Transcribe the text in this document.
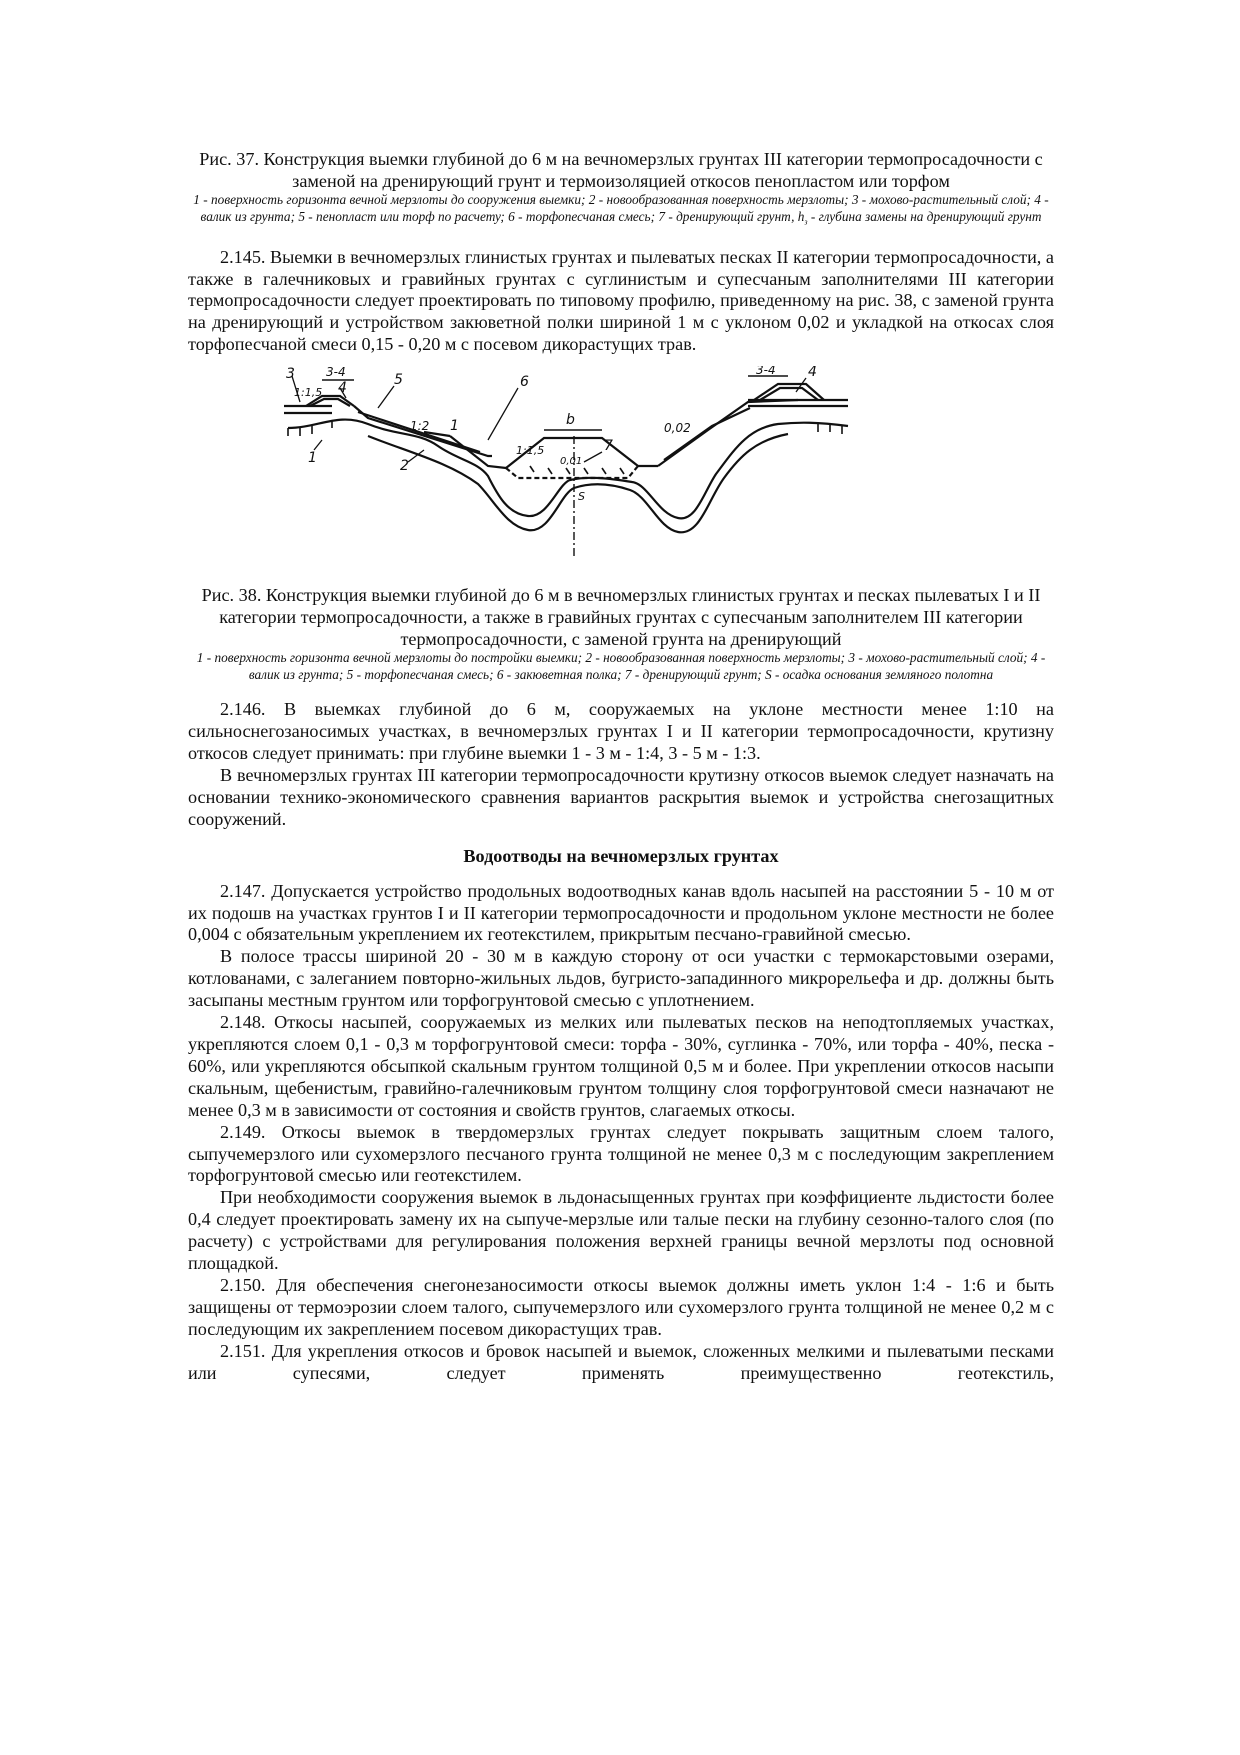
Рис. 37. Конструкция выемки глубиной до 6 м на вечномерзлых грунтах III категории термопросадочности с заменой на дренирующий грунт и термоизоляцией откосов пенопластом или торфом

1 - поверхность горизонта вечной мерзлоты до сооружения выемки; 2 - новообразованная поверхность мерзлоты; 3 - мохово-растительный слой; 4 - валик из грунта; 5 - пенопласт или торф по расчету; 6 - торфопесчаная смесь; 7 - дренирующий грунт, $h_з$ - глубина замены на дренирующий грунт

2.145. Выемки в вечномерзлых глинистых грунтах и пылеватых песках II категории термопросадочности, а также в галечниковых и гравийных грунтах с суглинистым и супесчаным заполнителями III категории термопросадочности следует проектировать по типовому профилю, приведенному на рис. 38, с заменой грунта на дренирующий и устройством закюветной полки шириной 1 м с уклоном 0,02 и укладкой на откосах слоя торфопесчаной смеси 0,15 - 0,20 м с посевом дикорастущих трав.

3
1:1,5
3-4
4	5	6
1:2 1	b
1:1,5	7
0,01
0,02
3-4 4
1	2
S

Рис. 38. Конструкция выемки глубиной до 6 м в вечномерзлых глинистых грунтах и песках пылеватых I и II категории термопросадочности, а также в гравийных грунтах с супесчаным заполнителем III категории термопросадочности, с заменой грунта на дренирующий

1 - поверхность горизонта вечной мерзлоты до постройки выемки; 2 - новообразованная поверхность мерзлоты; 3 - мохово-растительный слой; 4 - валик из грунта; 5 - торфопесчаная смесь; 6 - закюветная полка; 7 - дренирующий грунт; S - осадка основания земляного полотна

2.146. В выемках глубиной до 6 м, сооружаемых на уклоне местности менее 1:10 на сильноснегозаносимых участках, в вечномерзлых грунтах I и II категории термопросадочности, крутизну откосов следует принимать: при глубине выемки 1 - 3 м - 1:4, 3 - 5 м - 1:3.

В вечномерзлых грунтах III категории термопросадочности крутизну откосов выемок следует назначать на основании технико-экономического сравнения вариантов раскрытия выемок и устройства снегозащитных сооружений.

Водоотводы на вечномерзлых грунтах

2.147. Допускается устройство продольных водоотводных канав вдоль насыпей на расстоянии 5 - 10 м от их подошв на участках грунтов I и II категории термопросадочности и продольном уклоне местности не более 0,004 с обязательным укреплением их геотекстилем, прикрытым песчано-гравийной смесью.

В полосе трассы шириной 20 - 30 м в каждую сторону от оси участки с термокарстовыми озерами, котлованами, с залеганием повторно-жильных льдов, бугристо-западинного микрорельефа и др. должны быть засыпаны местным грунтом или торфогрунтовой смесью с уплотнением.

2.148. Откосы насыпей, сооружаемых из мелких или пылеватых песков на неподтопляемых участках, укрепляются слоем 0,1 - 0,3 м торфогрунтовой смеси: торфа - 30%, суглинка - 70%, или торфа - 40%, песка - 60%, или укрепляются обсыпкой скальным грунтом толщиной 0,5 м и более. При укреплении откосов насыпи скальным, щебенистым, гравийно-галечниковым грунтом толщину слоя торфогрунтовой смеси назначают не менее 0,3 м в зависимости от состояния и свойств грунтов, слагаемых откосы.

2.149. Откосы выемок в твердомерзлых грунтах следует покрывать защитным слоем талого, сыпучемерзлого или сухомерзлого песчаного грунта толщиной не менее 0,3 м с последующим закреплением торфогрунтовой смесью или геотекстилем.

При необходимости сооружения выемок в льдонасыщенных грунтах при коэффициенте льдистости более 0,4 следует проектировать замену их на сыпуче-мерзлые или талые пески на глубину сезонно-талого слоя (по расчету) с устройствами для регулирования положения верхней границы вечной мерзлоты под основной площадкой.

2.150. Для обеспечения снегонезаносимости откосы выемок должны иметь уклон 1:4 - 1:6 и быть защищены от термоэрозии слоем талого, сыпучемерзлого или сухомерзлого грунта толщиной не менее 0,2 м с последующим их закреплением посевом дикорастущих трав.

2.151. Для укрепления откосов и бровок насыпей и выемок, сложенных мелкими и пылеватыми песками или супесями, следует применять преимущественно геотекстиль,
